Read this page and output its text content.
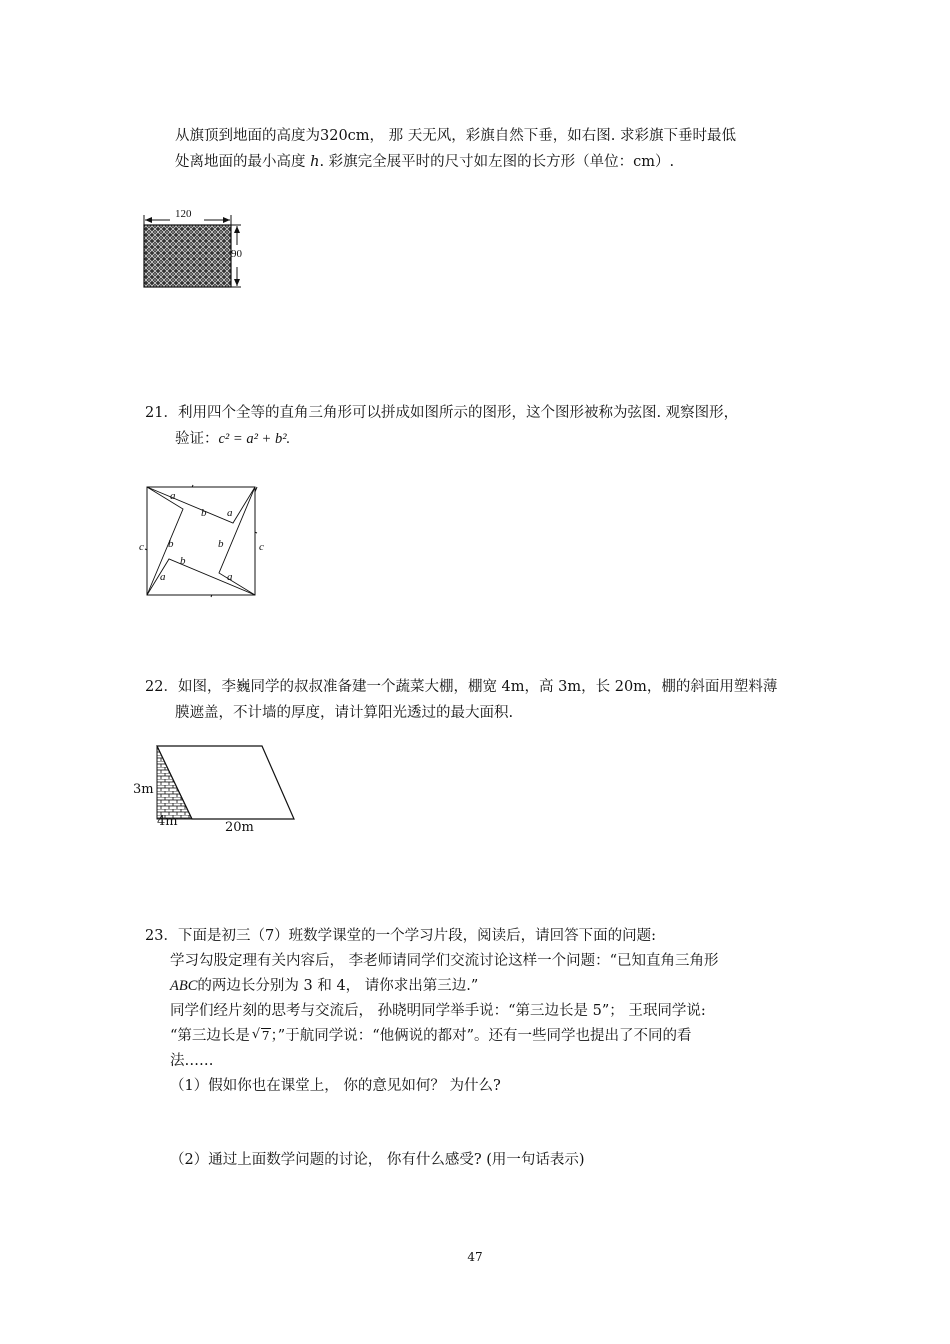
从旗顶到地面的高度为320cm， 那 天无风，彩旗自然下垂，如右图. 求彩旗下垂时最低
处离地面的最小高度 h. 彩旗完全展平时的尺寸如左图的长方形（单位：cm）.
120
90
21．利用四个全等的直角三角形可以拼成如图所示的图形，这个图形被称为弦图. 观察图形，
验证：c² = a² + b².
a
a
b
b	b
b
a	a
c	c
22．如图，李巍同学的叔叔准备建一个蔬菜大棚，棚宽 4m，高 3m，长 20m，棚的斜面用塑料薄
膜遮盖，不计墙的厚度，请计算阳光透过的最大面积.
3m
4m	20m
23．下面是初三（7）班数学课堂的一个学习片段，阅读后，请回答下面的问题:
学习勾股定理有关内容后， 李老师请同学们交流讨论这样一个问题：“已知直角三角形
ABC的两边长分别为 3 和 4， 请你求出第三边.”
同学们经片刻的思考与交流后， 孙晓明同学举手说：“第三边长是 5”； 王珉同学说:
“第三边长是√ 7；”于航同学说：“他俩说的都对”。还有一些同学也提出了不同的看
法……
（1）假如你也在课堂上， 你的意见如何？ 为什么?
（2）通过上面数学问题的讨论， 你有什么感受? (用一句话表示)
47
